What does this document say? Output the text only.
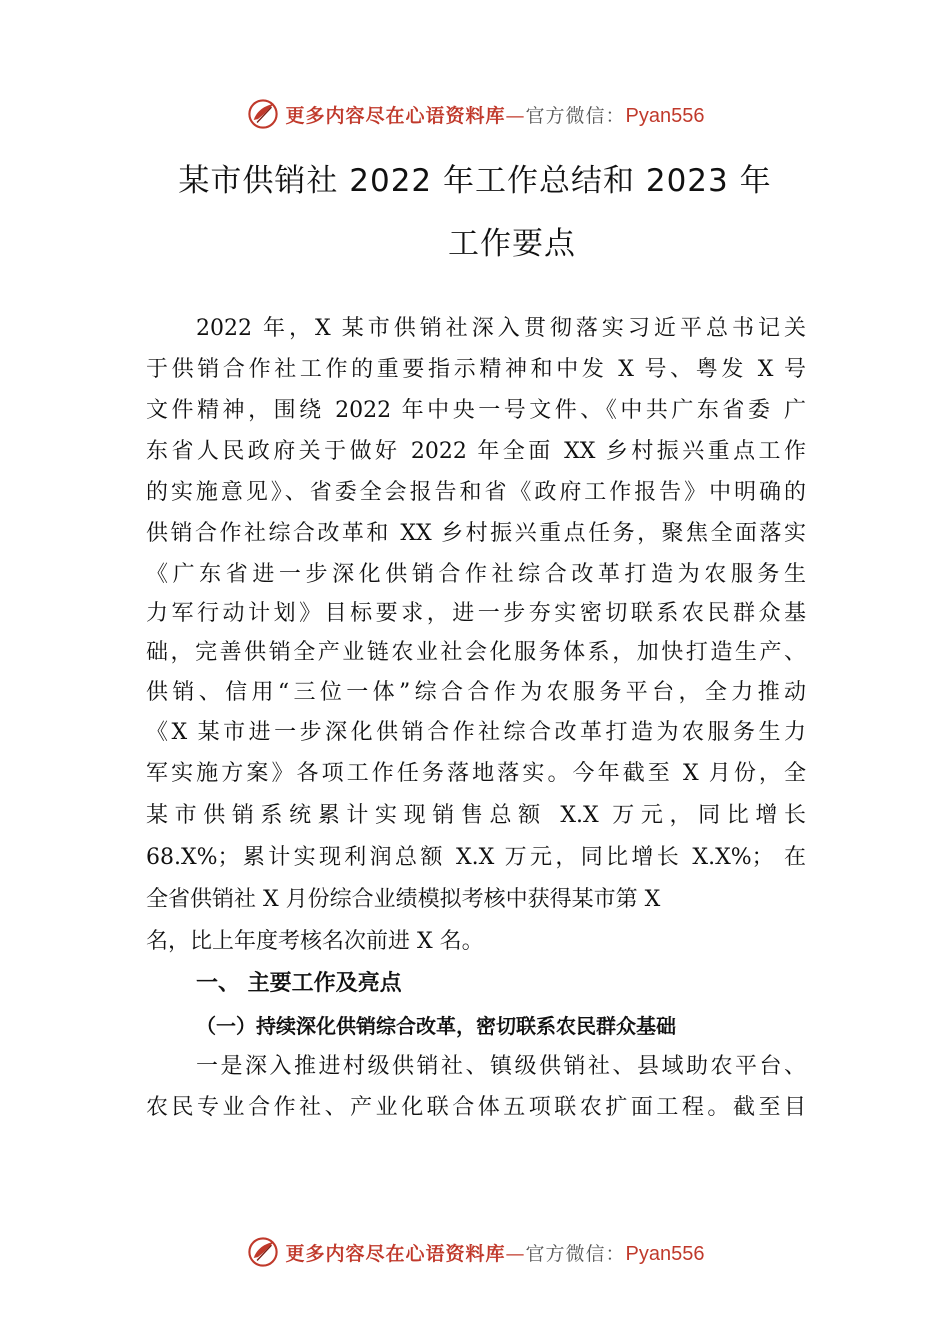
更多内容尽在心语资料库—官方微信：Pyan556
某市供销社 2022 年工作总结和 2023 年
工作要点
2022 年，X 某市供销社深入贯彻落实习近平总书记关
于供销合作社工作的重要指示精神和中发 X 号、粤发 X 号
文件精神，围绕 2022 年中央一号文件、《中共广东省委 广
东省人民政府关于做好 2022 年全面 XX 乡村振兴重点工作
的实施意见》、省委全会报告和省《政府工作报告》中明确的
供销合作社综合改革和 XX 乡村振兴重点任务，聚焦全面落实
《广东省进一步深化供销合作社综合改革打造为农服务生
力军行动计划》目标要求，进一步夯实密切联系农民群众基
础，完善供销全产业链农业社会化服务体系，加快打造生产、
供销、信用“三位一体”综合合作为农服务平台，全力推动
《X 某市进一步深化供销合作社综合改革打造为农服务生力
军实施方案》各项工作任务落地落实。今年截至 X 月份，全
某市供销系统累计实现销售总额 X.X 万元，同比增长
68.X%；累计实现利润总额 X.X 万元，同比增长 X.X%； 在
全省供销社 X 月份综合业绩模拟考核中获得某市第 X
名，比上年度考核名次前进 X 名。
一、 主要工作及亮点
（一）持续深化供销综合改革，密切联系农民群众基础
一是深入推进村级供销社、镇级供销社、县域助农平台、
农民专业合作社、产业化联合体五项联农扩面工程。截至目
更多内容尽在心语资料库—官方微信：Pyan556
